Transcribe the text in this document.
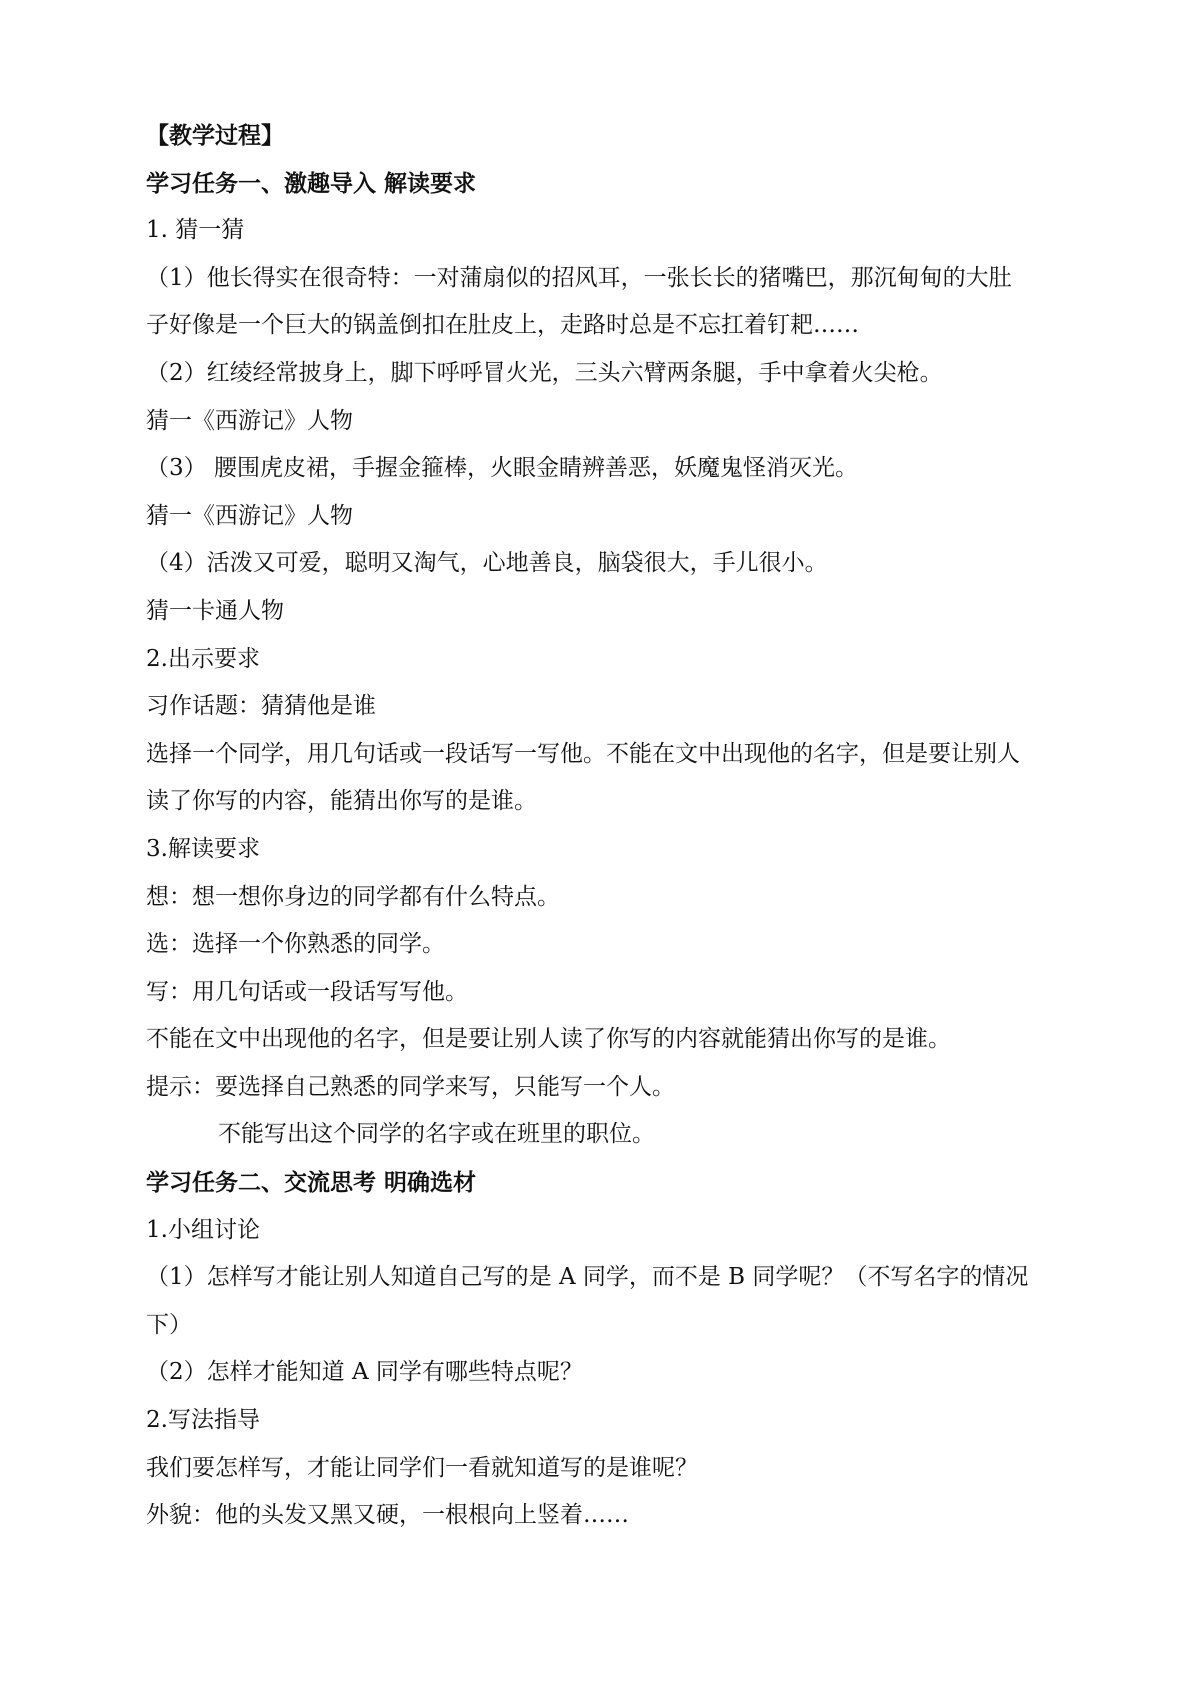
【教学过程】
学习任务一、激趣导入 解读要求
1. 猜一猜
（1）他长得实在很奇特：一对蒲扇似的招风耳，一张长长的猪嘴巴，那沉甸甸的大肚
子好像是一个巨大的锅盖倒扣在肚皮上，走路时总是不忘扛着钉耙……
（2）红绫经常披身上，脚下呼呼冒火光，三头六臂两条腿，手中拿着火尖枪。
猜一《西游记》人物
（3） 腰围虎皮裙，手握金箍棒，火眼金睛辨善恶，妖魔鬼怪消灭光。
猜一《西游记》人物
（4）活泼又可爱，聪明又淘气，心地善良，脑袋很大，手儿很小。
猜一卡通人物
2.出示要求
习作话题：猜猜他是谁
选择一个同学，用几句话或一段话写一写他。不能在文中出现他的名字，但是要让别人
读了你写的内容，能猜出你写的是谁。
3.解读要求
想：想一想你身边的同学都有什么特点。
选：选择一个你熟悉的同学。
写：用几句话或一段话写写他。
不能在文中出现他的名字，但是要让别人读了你写的内容就能猜出你写的是谁。
提示：要选择自己熟悉的同学来写，只能写一个人。
不能写出这个同学的名字或在班里的职位。
学习任务二、交流思考 明确选材
1.小组讨论
（1）怎样写才能让别人知道自己写的是 A 同学，而不是 B 同学呢？（不写名字的情况
下）
（2）怎样才能知道 A 同学有哪些特点呢？
2.写法指导
我们要怎样写，才能让同学们一看就知道写的是谁呢？
外貌：他的头发又黑又硬，一根根向上竖着……
